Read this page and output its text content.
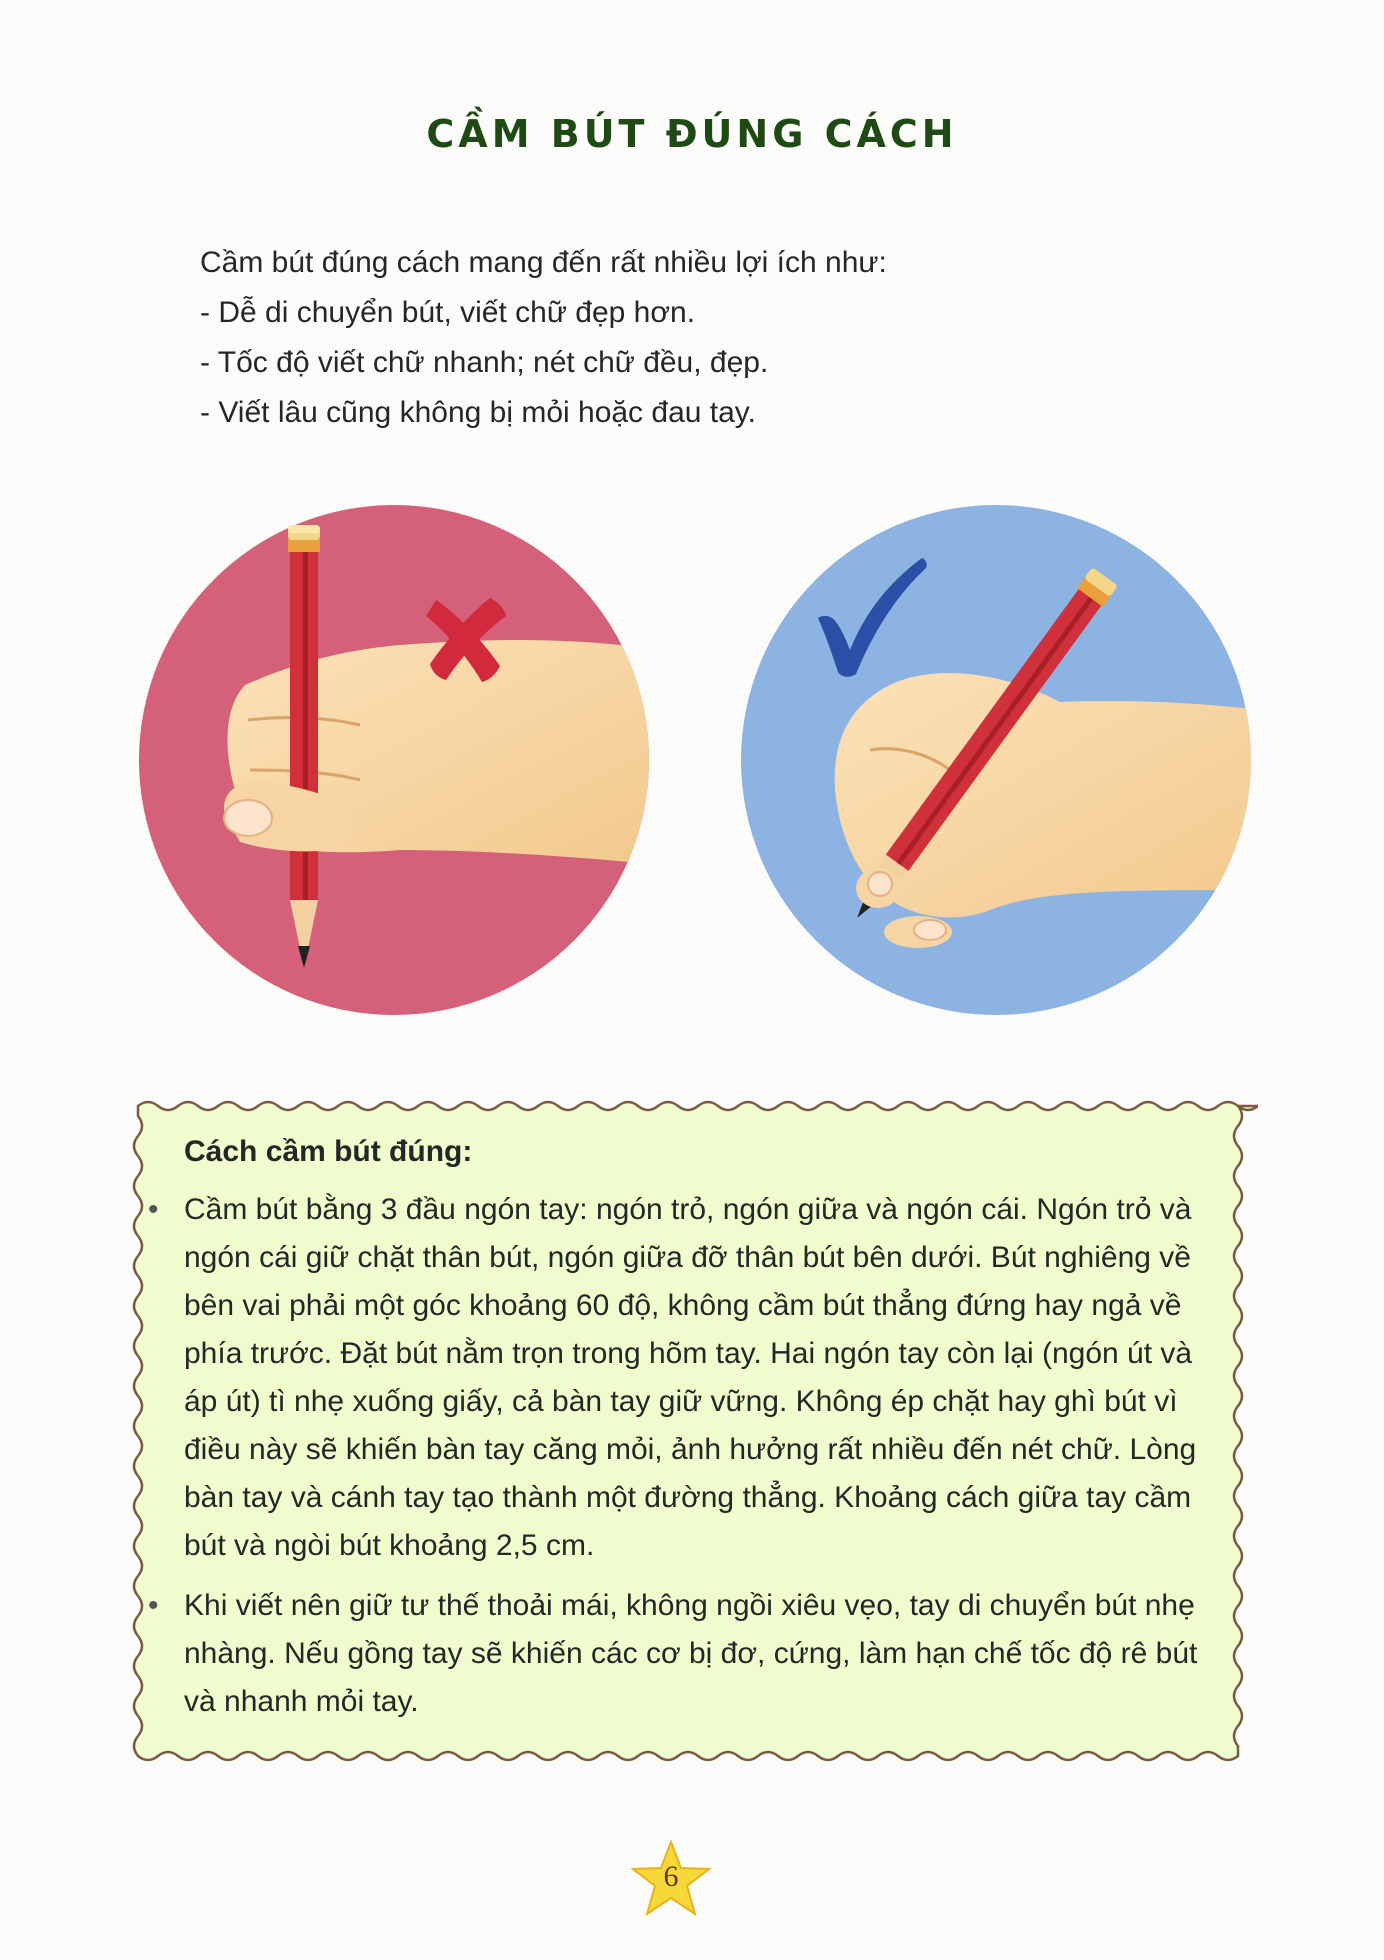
CẦM BÚT ĐÚNG CÁCH
Cầm bút đúng cách mang đến rất nhiều lợi ích như:
- Dễ di chuyển bút, viết chữ đẹp hơn.
- Tốc độ viết chữ nhanh; nét chữ đều, đẹp.
- Viết lâu cũng không bị mỏi hoặc đau tay.
Cách cầm bút đúng:
• Cầm bút bằng 3 đầu ngón tay: ngón trỏ, ngón giữa và ngón cái. Ngón trỏ và ngón cái giữ chặt thân bút, ngón giữa đỡ thân bút bên dưới. Bút nghiêng về bên vai phải một góc khoảng 60 độ, không cầm bút thẳng đứng hay ngả về phía trước. Đặt bút nằm trọn trong hõm tay. Hai ngón tay còn lại (ngón út và áp út) tì nhẹ xuống giấy, cả bàn tay giữ vững. Không ép chặt hay ghì bút vì điều này sẽ khiến bàn tay căng mỏi, ảnh hưởng rất nhiều đến nét chữ. Lòng bàn tay và cánh tay tạo thành một đường thẳng. Khoảng cách giữa tay cầm bút và ngòi bút khoảng 2,5 cm.
• Khi viết nên giữ tư thế thoải mái, không ngồi xiêu vẹo, tay di chuyển bút nhẹ nhàng. Nếu gồng tay sẽ khiến các cơ bị đơ, cứng, làm hạn chế tốc độ rê bút và nhanh mỏi tay.
6
